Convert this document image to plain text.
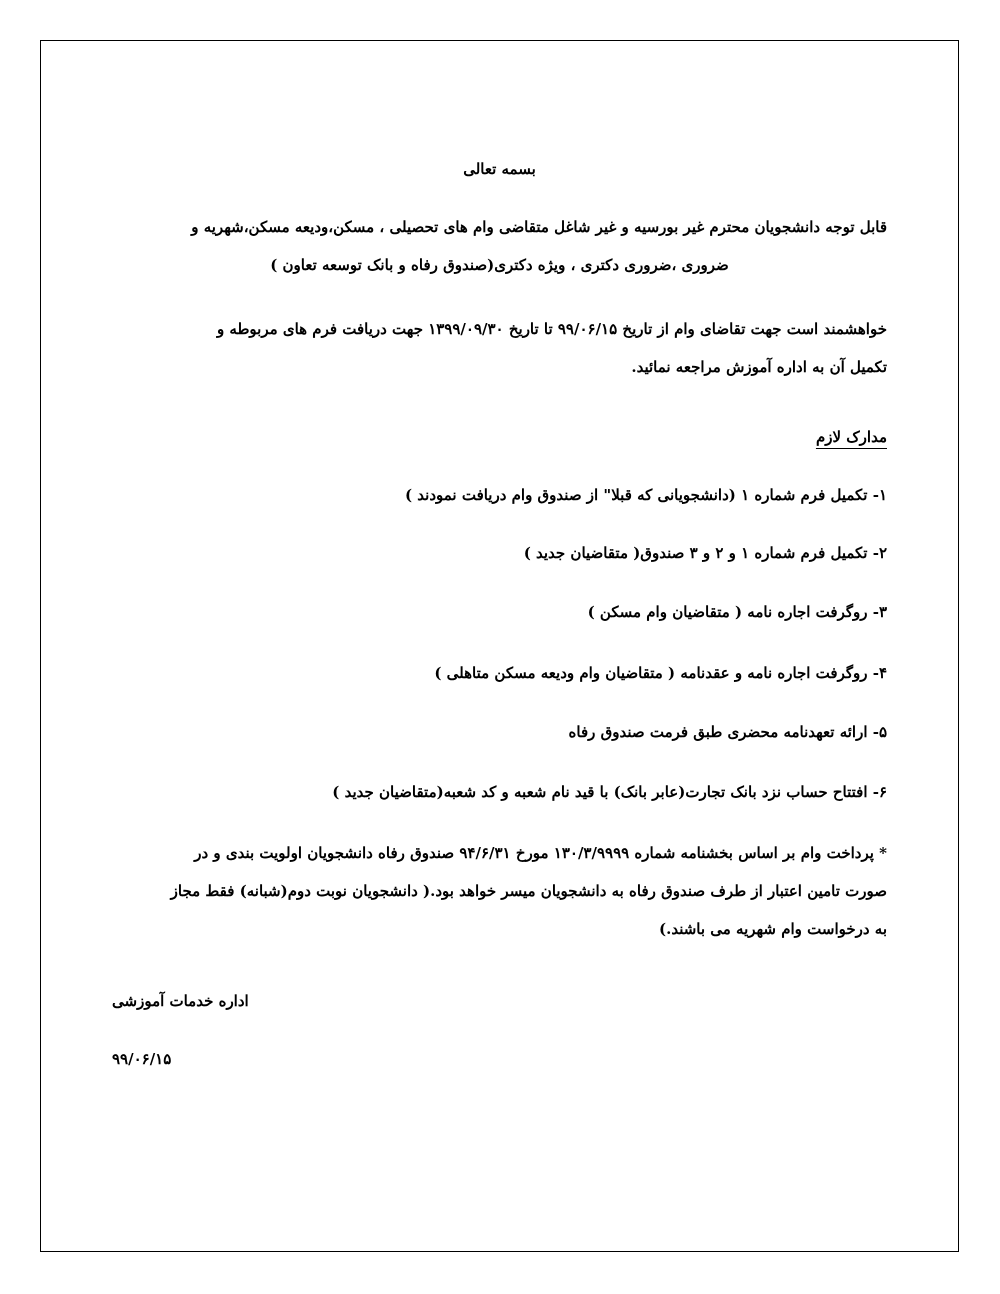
بسمه تعالی
قابل توجه دانشجویان محترم غیر بورسیه و غیر شاغل متقاضی وام های تحصیلی ، مسکن،ودیعه مسکن،شهریه و
ضروری ،ضروری دکتری ، ویژه دکتری(صندوق رفاه و بانک توسعه تعاون )
خواهشمند است جهت تقاضای وام از تاریخ ۹۹/۰۶/۱۵ تا تاریخ ۱۳۹۹/۰۹/۳۰ جهت دریافت فرم های مربوطه و
تکمیل آن به اداره آموزش مراجعه نمائید.
مدارک لازم
۱- تکمیل فرم شماره ۱ (دانشجویانی که قبلا" از صندوق وام دریافت نمودند )
۲- تکمیل فرم شماره ۱ و ۲ و ۳ صندوق( متقاضیان جدید )
۳- روگرفت اجاره نامه ( متقاضیان وام مسکن )
۴- روگرفت اجاره نامه و عقدنامه ( متقاضیان وام ودیعه مسکن متاهلی )
۵- ارائه تعهدنامه محضری طبق فرمت صندوق رفاه
۶- افتتاح حساب نزد بانک تجارت(عابر بانک) با قید نام شعبه و کد شعبه(متقاضیان جدید )
* پرداخت وام بر اساس بخشنامه شماره ۱۳۰/۳/۹۹۹۹ مورخ ۹۴/۶/۳۱ صندوق رفاه دانشجویان اولویت بندی و در
صورت تامین اعتبار از طرف صندوق رفاه به دانشجویان میسر خواهد بود.( دانشجویان نوبت دوم(شبانه) فقط مجاز
به درخواست وام شهریه می باشند.)
اداره خدمات آموزشی
۹۹/۰۶/۱۵
